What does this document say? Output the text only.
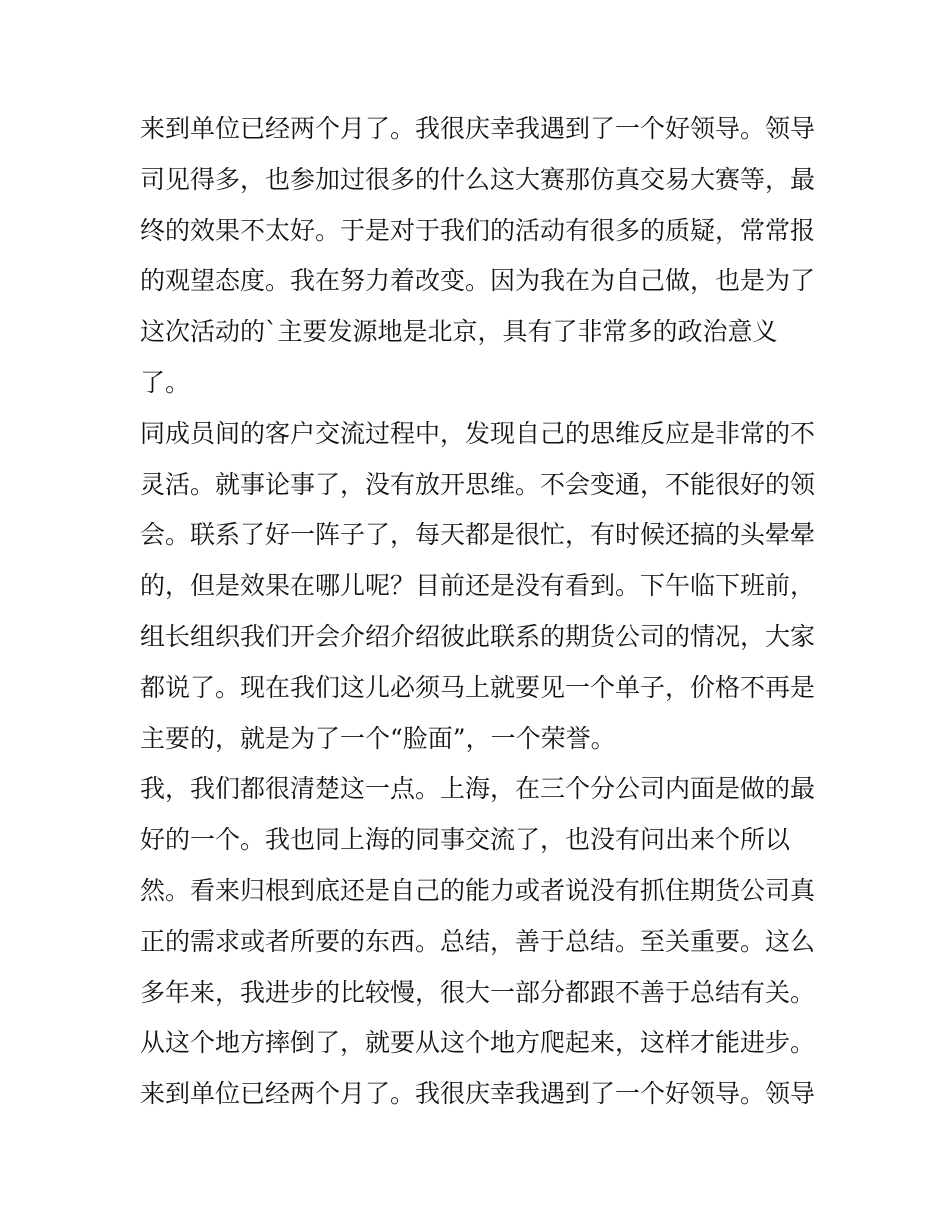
来到单位已经两个月了。我很庆幸我遇到了一个好领导。领导
司见得多，也参加过很多的什么这大赛那仿真交易大赛等，最
终的效果不太好。于是对于我们的活动有很多的质疑，常常报
的观望态度。我在努力着改变。因为我在为自己做，也是为了
这次活动的`主要发源地是北京，具有了非常多的政治意义
了。
同成员间的客户交流过程中，发现自己的思维反应是非常的不
灵活。就事论事了，没有放开思维。不会变通，不能很好的领
会。联系了好一阵子了，每天都是很忙，有时候还搞的头晕晕
的，但是效果在哪儿呢？目前还是没有看到。下午临下班前，
组长组织我们开会介绍介绍彼此联系的期货公司的情况，大家
都说了。现在我们这儿必须马上就要见一个单子，价格不再是
主要的，就是为了一个“脸面”，一个荣誉。
我，我们都很清楚这一点。上海，在三个分公司内面是做的最
好的一个。我也同上海的同事交流了，也没有问出来个所以
然。看来归根到底还是自己的能力或者说没有抓住期货公司真
正的需求或者所要的东西。总结，善于总结。至关重要。这么
多年来，我进步的比较慢，很大一部分都跟不善于总结有关。
从这个地方摔倒了，就要从这个地方爬起来，这样才能进步。
来到单位已经两个月了。我很庆幸我遇到了一个好领导。领导
